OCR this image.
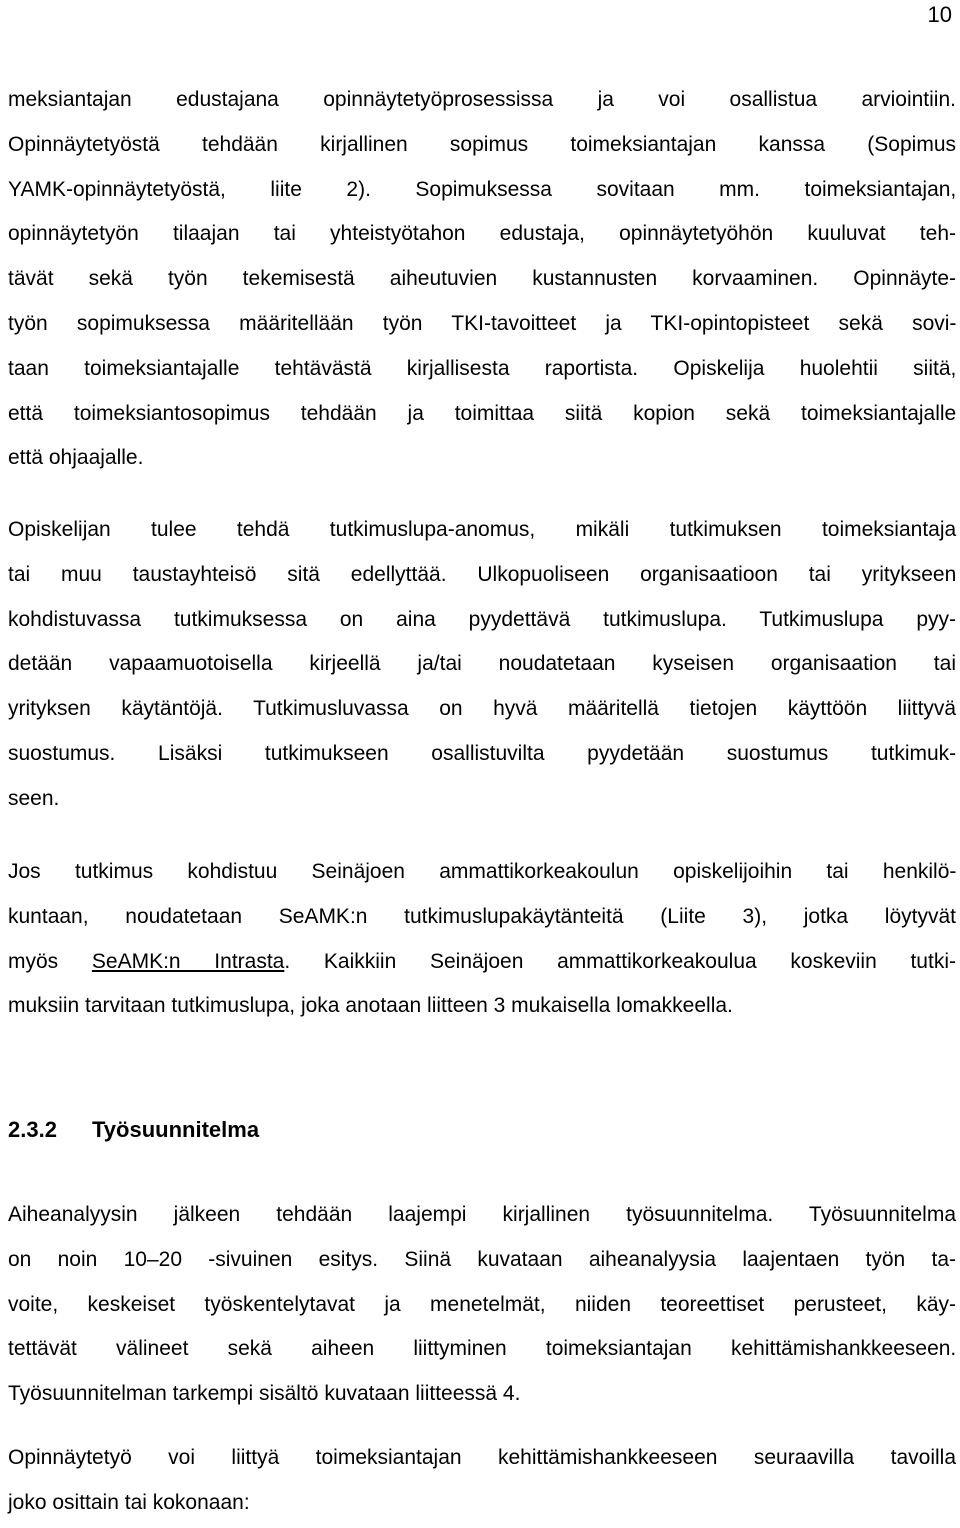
10
meksiantajan edustajana opinnäytetyöprosessissa ja voi osallistua arviointiin.
Opinnäytetyöstä tehdään kirjallinen sopimus toimeksiantajan kanssa (Sopimus
YAMK-opinnäytetyöstä, liite 2). Sopimuksessa sovitaan mm. toimeksiantajan,
opinnäytetyön tilaajan tai yhteistyötahon edustaja, opinnäytetyöhön kuuluvat teh-
tävät sekä työn tekemisestä aiheutuvien kustannusten korvaaminen. Opinnäyte-
työn sopimuksessa määritellään työn TKI-tavoitteet ja TKI-opintopisteet sekä sovi-
taan toimeksiantajalle tehtävästä kirjallisesta raportista. Opiskelija huolehtii siitä,
että toimeksiantosopimus tehdään ja toimittaa siitä kopion sekä toimeksiantajalle
että ohjaajalle.
Opiskelijan tulee tehdä tutkimuslupa-anomus, mikäli tutkimuksen toimeksiantaja
tai muu taustayhteisö sitä edellyttää. Ulkopuoliseen organisaatioon tai yritykseen
kohdistuvassa tutkimuksessa on aina pyydettävä tutkimuslupa. Tutkimuslupa pyy-
detään vapaamuotoisella kirjeellä ja/tai noudatetaan kyseisen organisaation tai
yrityksen käytäntöjä. Tutkimusluvassa on hyvä määritellä tietojen käyttöön liittyvä
suostumus. Lisäksi tutkimukseen osallistuvilta pyydetään suostumus tutkimuk-
seen.
Jos tutkimus kohdistuu Seinäjoen ammattikorkeakoulun opiskelijoihin tai henkilö-
kuntaan, noudatetaan SeAMK:n tutkimuslupakäytänteitä (Liite 3), jotka löytyvät
myös SeAMK:n Intrasta. Kaikkiin Seinäjoen ammattikorkeakoulua koskeviin tutki-
muksiin tarvitaan tutkimuslupa, joka anotaan liitteen 3 mukaisella lomakkeella.
2.3.2 Työsuunnitelma
Aiheanalyysin jälkeen tehdään laajempi kirjallinen työsuunnitelma. Työsuunnitelma
on noin 10–20 -sivuinen esitys. Siinä kuvataan aiheanalyysia laajentaen työn ta-
voite, keskeiset työskentelytavat ja menetelmät, niiden teoreettiset perusteet, käy-
tettävät välineet sekä aiheen liittyminen toimeksiantajan kehittämishankkeeseen.
Työsuunnitelman tarkempi sisältö kuvataan liitteessä 4.
Opinnäytetyö voi liittyä toimeksiantajan kehittämishankkeeseen seuraavilla tavoilla
joko osittain tai kokonaan:
